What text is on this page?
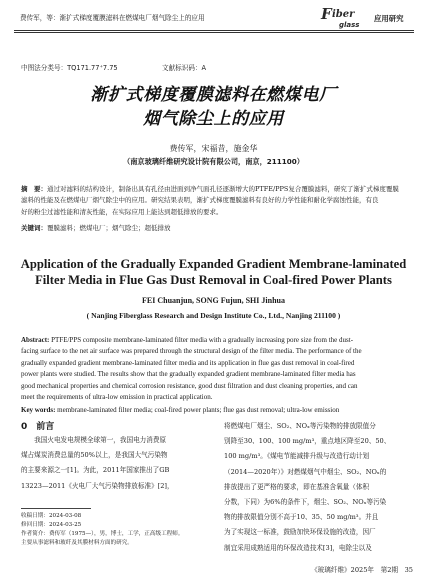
费传军，等：渐扩式梯度覆膜滤料在燃煤电厂烟气除尘上的应用	F iber
glass
应用研究
中图法分类号：TQ171.77⁺7.75	文献标识码：A
渐扩式梯度覆膜滤料在燃煤电厂
烟气除尘上的应用
费传军，宋福昔，施金华
（南京玻璃纤维研究设计院有限公司，南京，211100）
摘　要：通过对滤料的结构设计，制备出具有孔径由进面到净气面孔径逐渐增大的PTFE/PPS复合覆膜滤料，研究了渐扩式梯度覆膜
滤料的性能及在燃煤电厂烟气除尘中的应用。研究结果表明，渐扩式梯度覆膜滤料有良好的力学性能和耐化学腐蚀性能，有良
好的粉尘过滤性能和清灰性能，在实际应用上能达到超低排放的要求。
关键词：覆膜滤料；燃煤电厂；烟气除尘；超低排放
Application of the Gradually Expanded Gradient Membrane-laminated
Filter Media in Flue Gas Dust Removal in Coal-fired Power Plants
FEI Chuanjun, SONG Fujun, SHI Jinhua
( Nanjing Fiberglass Research and Design Institute Co., Ltd., Nanjing 211100 )
Abstract: PTFE/PPS composite membrane-laminated filter media with a gradually increasing pore size from the dust-
facing surface to the net air surface was prepared through the structural design of the filter media. The performance of the
gradually expanded gradient membrane-laminated filter media and its application in flue gas dust removal in coal-fired
power plants were studied. The results show that the gradually expanded gradient membrane-laminated filter media has
good mechanical properties and chemical corrosion resistance, good dust filtration and dust cleaning properties, and can
meet the requirements of ultra-low emission in practical application.
Key words: membrane-laminated filter media; coal-fired power plants; flue gas dust removal; ultra-low emission
0　 前言
　　我国火电发电规模全球第一，我国电力消费原
煤占煤炭消费总量的50%以上，是我国大气污染物
的主要来源之一[1]。为此，2011年国家推出了GB
13223—2011《火电厂大气污染物排放标准》[2]，
收稿日期：2024-03-08
修回日期：2024-03-25
作者简介：费传军（1975—），男，博士，工学，正高级工程师。
主要从事滤料和玻纤及其膜材料方面的研究。
将燃煤电厂烟尘、SO₂、NOₓ等污染物的排放限值分
别降至30、100、100 mg/m³，重点地区降至20、50、
100 mg/m³。《煤电节能减排升级与改造行动计划
（2014—2020年）》对燃煤烟气中烟尘、SO₂、NOₓ的
排放提出了更严格的要求，即在基准含氧量（体积
分数，下同）为6%的条件下，烟尘、SO₂、NOₓ等污染
物的排放限值分别不高于10、35、50 mg/m³。并且
为了实现这一标准，鼓励加快环保设施的改造，因厂
制宜采用成熟适用的环保改造技术[3]，电除尘以及
《玻璃纤维》2025年　第2期　35
